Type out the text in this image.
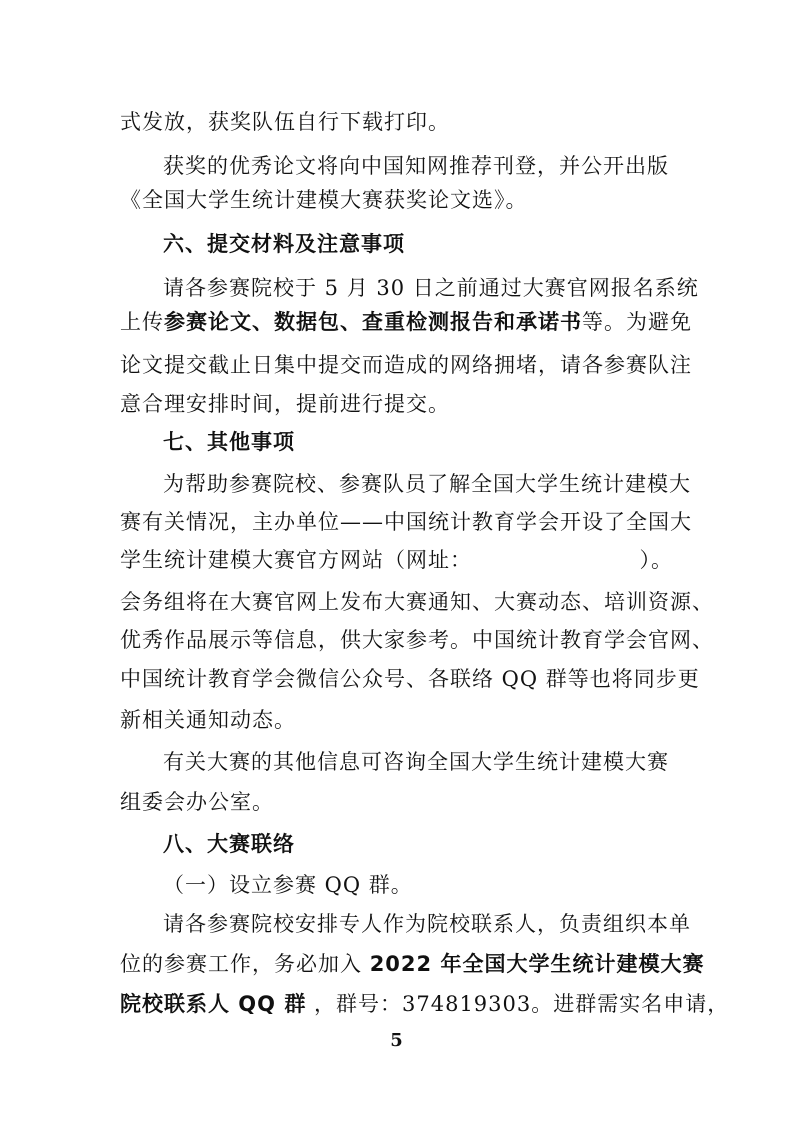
式发放，获奖队伍自行下载打印。
获奖的优秀论文将向中国知网推荐刊登，并公开出版
《全国大学生统计建模大赛获奖论文选》。
六、提交材料及注意事项
请各参赛院校于 5 月 30 日之前通过大赛官网报名系统
上传参赛论文、数据包、查重检测报告和承诺书等。为避免
论文提交截止日集中提交而造成的网络拥堵，请各参赛队注
意合理安排时间，提前进行提交。
七、其他事项
为帮助参赛院校、参赛队员了解全国大学生统计建模大
赛有关情况，主办单位——中国统计教育学会开设了全国大
学生统计建模大赛官方网站（网址：	）。
会务组将在大赛官网上发布大赛通知、大赛动态、培训资源、
优秀作品展示等信息，供大家参考。中国统计教育学会官网、
中国统计教育学会微信公众号、各联络 QQ 群等也将同步更
新相关通知动态。
有关大赛的其他信息可咨询全国大学生统计建模大赛
组委会办公室。
八、大赛联络
（一）设立参赛 QQ 群。
请各参赛院校安排专人作为院校联系人，负责组织本单
位的参赛工作，务必加入 2022 年全国大学生统计建模大赛
院校联系人 QQ 群 ，群号：374819303。进群需实名申请，
5
